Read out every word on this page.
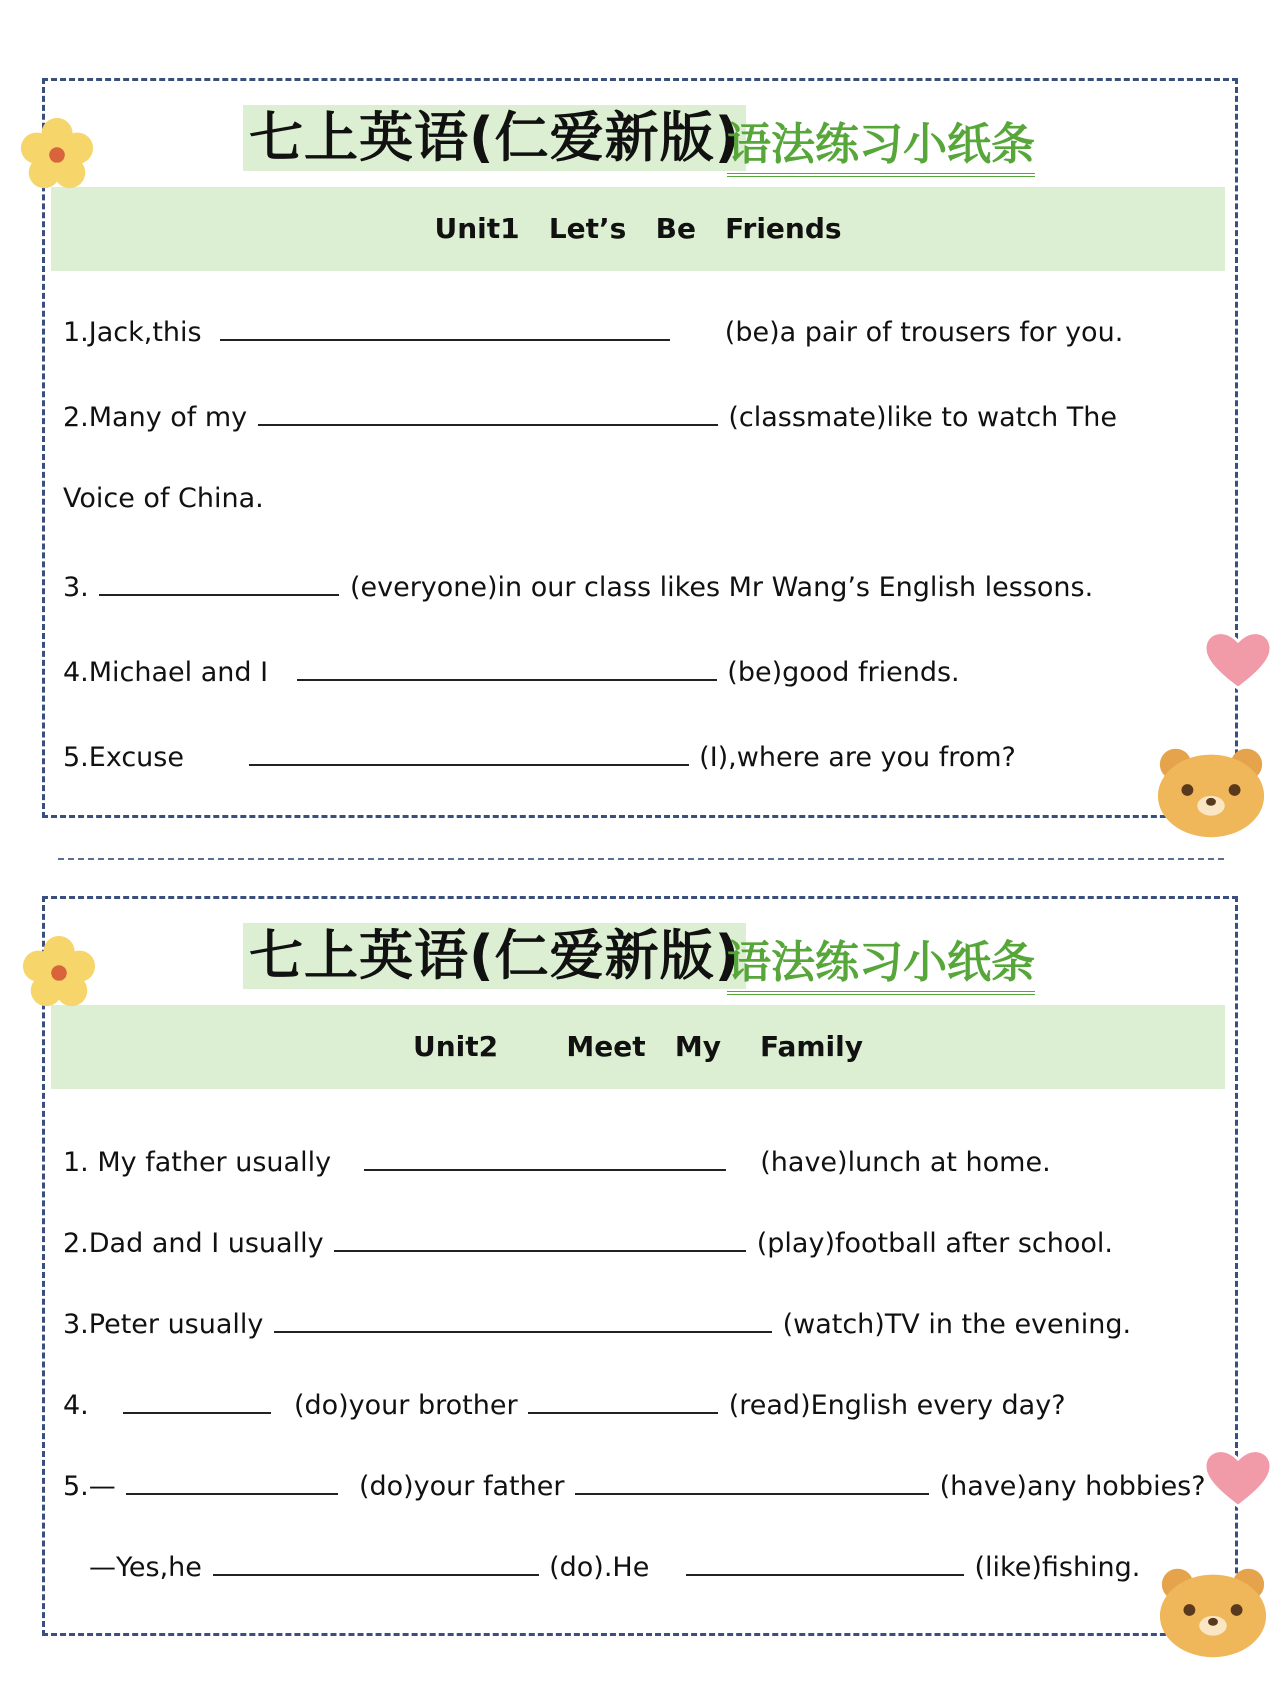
七上英语(仁爱新版)
语法练习小纸条
Unit1   Let’s   Be   Friends
1.Jack,this	(be)a pair of trousers for you.
2.Many of my	(classmate)like to watch The
Voice of China.
3.	(everyone)in our class likes Mr Wang’s English lessons.
4.Michael and I	(be)good friends.
5.Excuse	(I),where are you from?
七上英语(仁爱新版)
语法练习小纸条
Unit2       Meet   My    Family
1. My father usually	(have)lunch at home.
2.Dad and I usually	(play)football after school.
3.Peter usually	(watch)TV in the evening.
4.	(do)your brother	(read)English every day?
5.—	(do)your father	(have)any hobbies?
—Yes,he	(do).He	(like)fishing.
